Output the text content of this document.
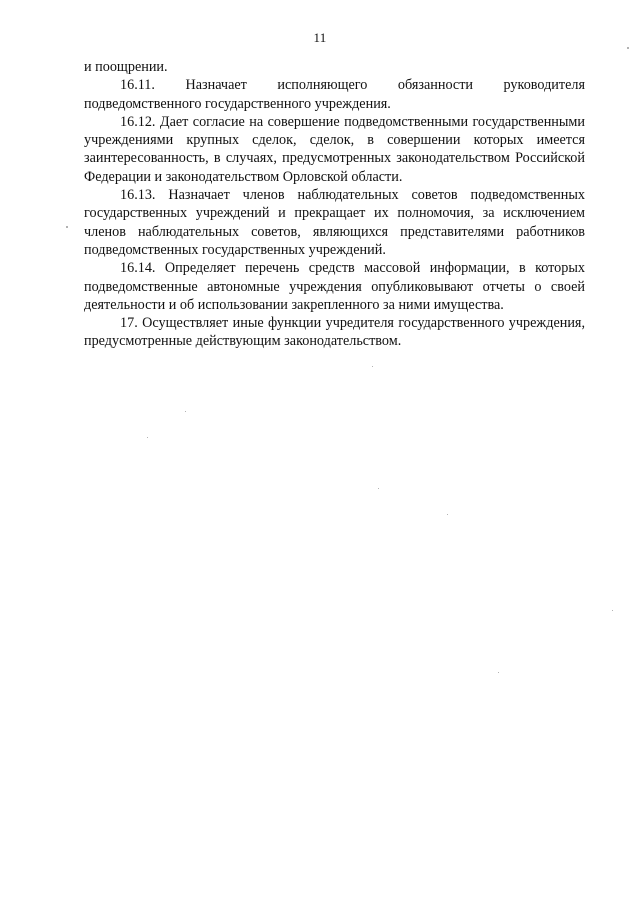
11

и поощрении.

16.11. Назначает исполняющего обязанности руководителя подведомственного государственного учреждения.

16.12. Дает согласие на совершение подведомственными государственными учреждениями крупных сделок, сделок, в совершении которых имеется заинтересованность, в случаях, предусмотренных законодательством Российской Федерации и законодательством Орловской области.

16.13. Назначает членов наблюдательных советов подведомственных государственных учреждений и прекращает их полномочия, за исключением членов наблюдательных советов, являющихся представителями работников подведомственных государственных учреждений.

16.14. Определяет перечень средств массовой информации, в которых подведомственные автономные учреждения опубликовывают отчеты о своей деятельности и об использовании закрепленного за ними имущества.

17. Осуществляет иные функции учредителя государственного учреждения, предусмотренные действующим законодательством.
